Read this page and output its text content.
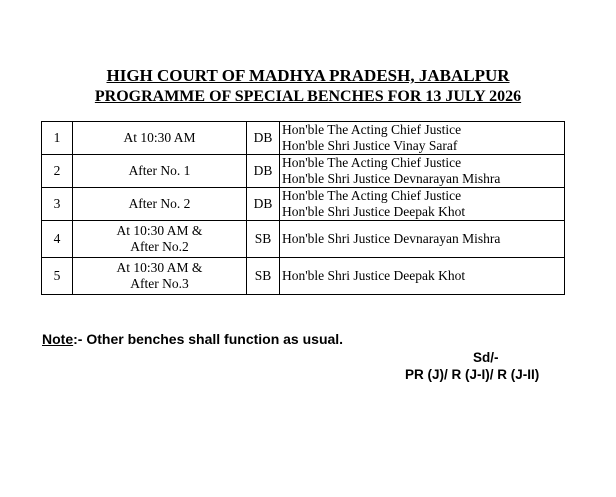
HIGH COURT OF MADHYA PRADESH, JABALPUR
PROGRAMME OF SPECIAL BENCHES FOR 13 JULY 2026
1	At 10:30 AM	DB	Hon'ble The Acting Chief Justice
Hon'ble Shri Justice Vinay Saraf

2	After No. 1	DB	Hon'ble The Acting Chief Justice
Hon'ble Shri Justice Devnarayan Mishra

3	After No. 2	DB	Hon'ble The Acting Chief Justice
Hon'ble Shri Justice Deepak Khot

4	At 10:30 AM &
After No.2	SB	Hon'ble Shri Justice Devnarayan Mishra

5	At 10:30 AM &
After No.3	SB	Hon'ble Shri Justice Deepak Khot
Note:- Other benches shall function as usual.
Sd/-
PR (J)/ R (J-I)/ R (J-II)
